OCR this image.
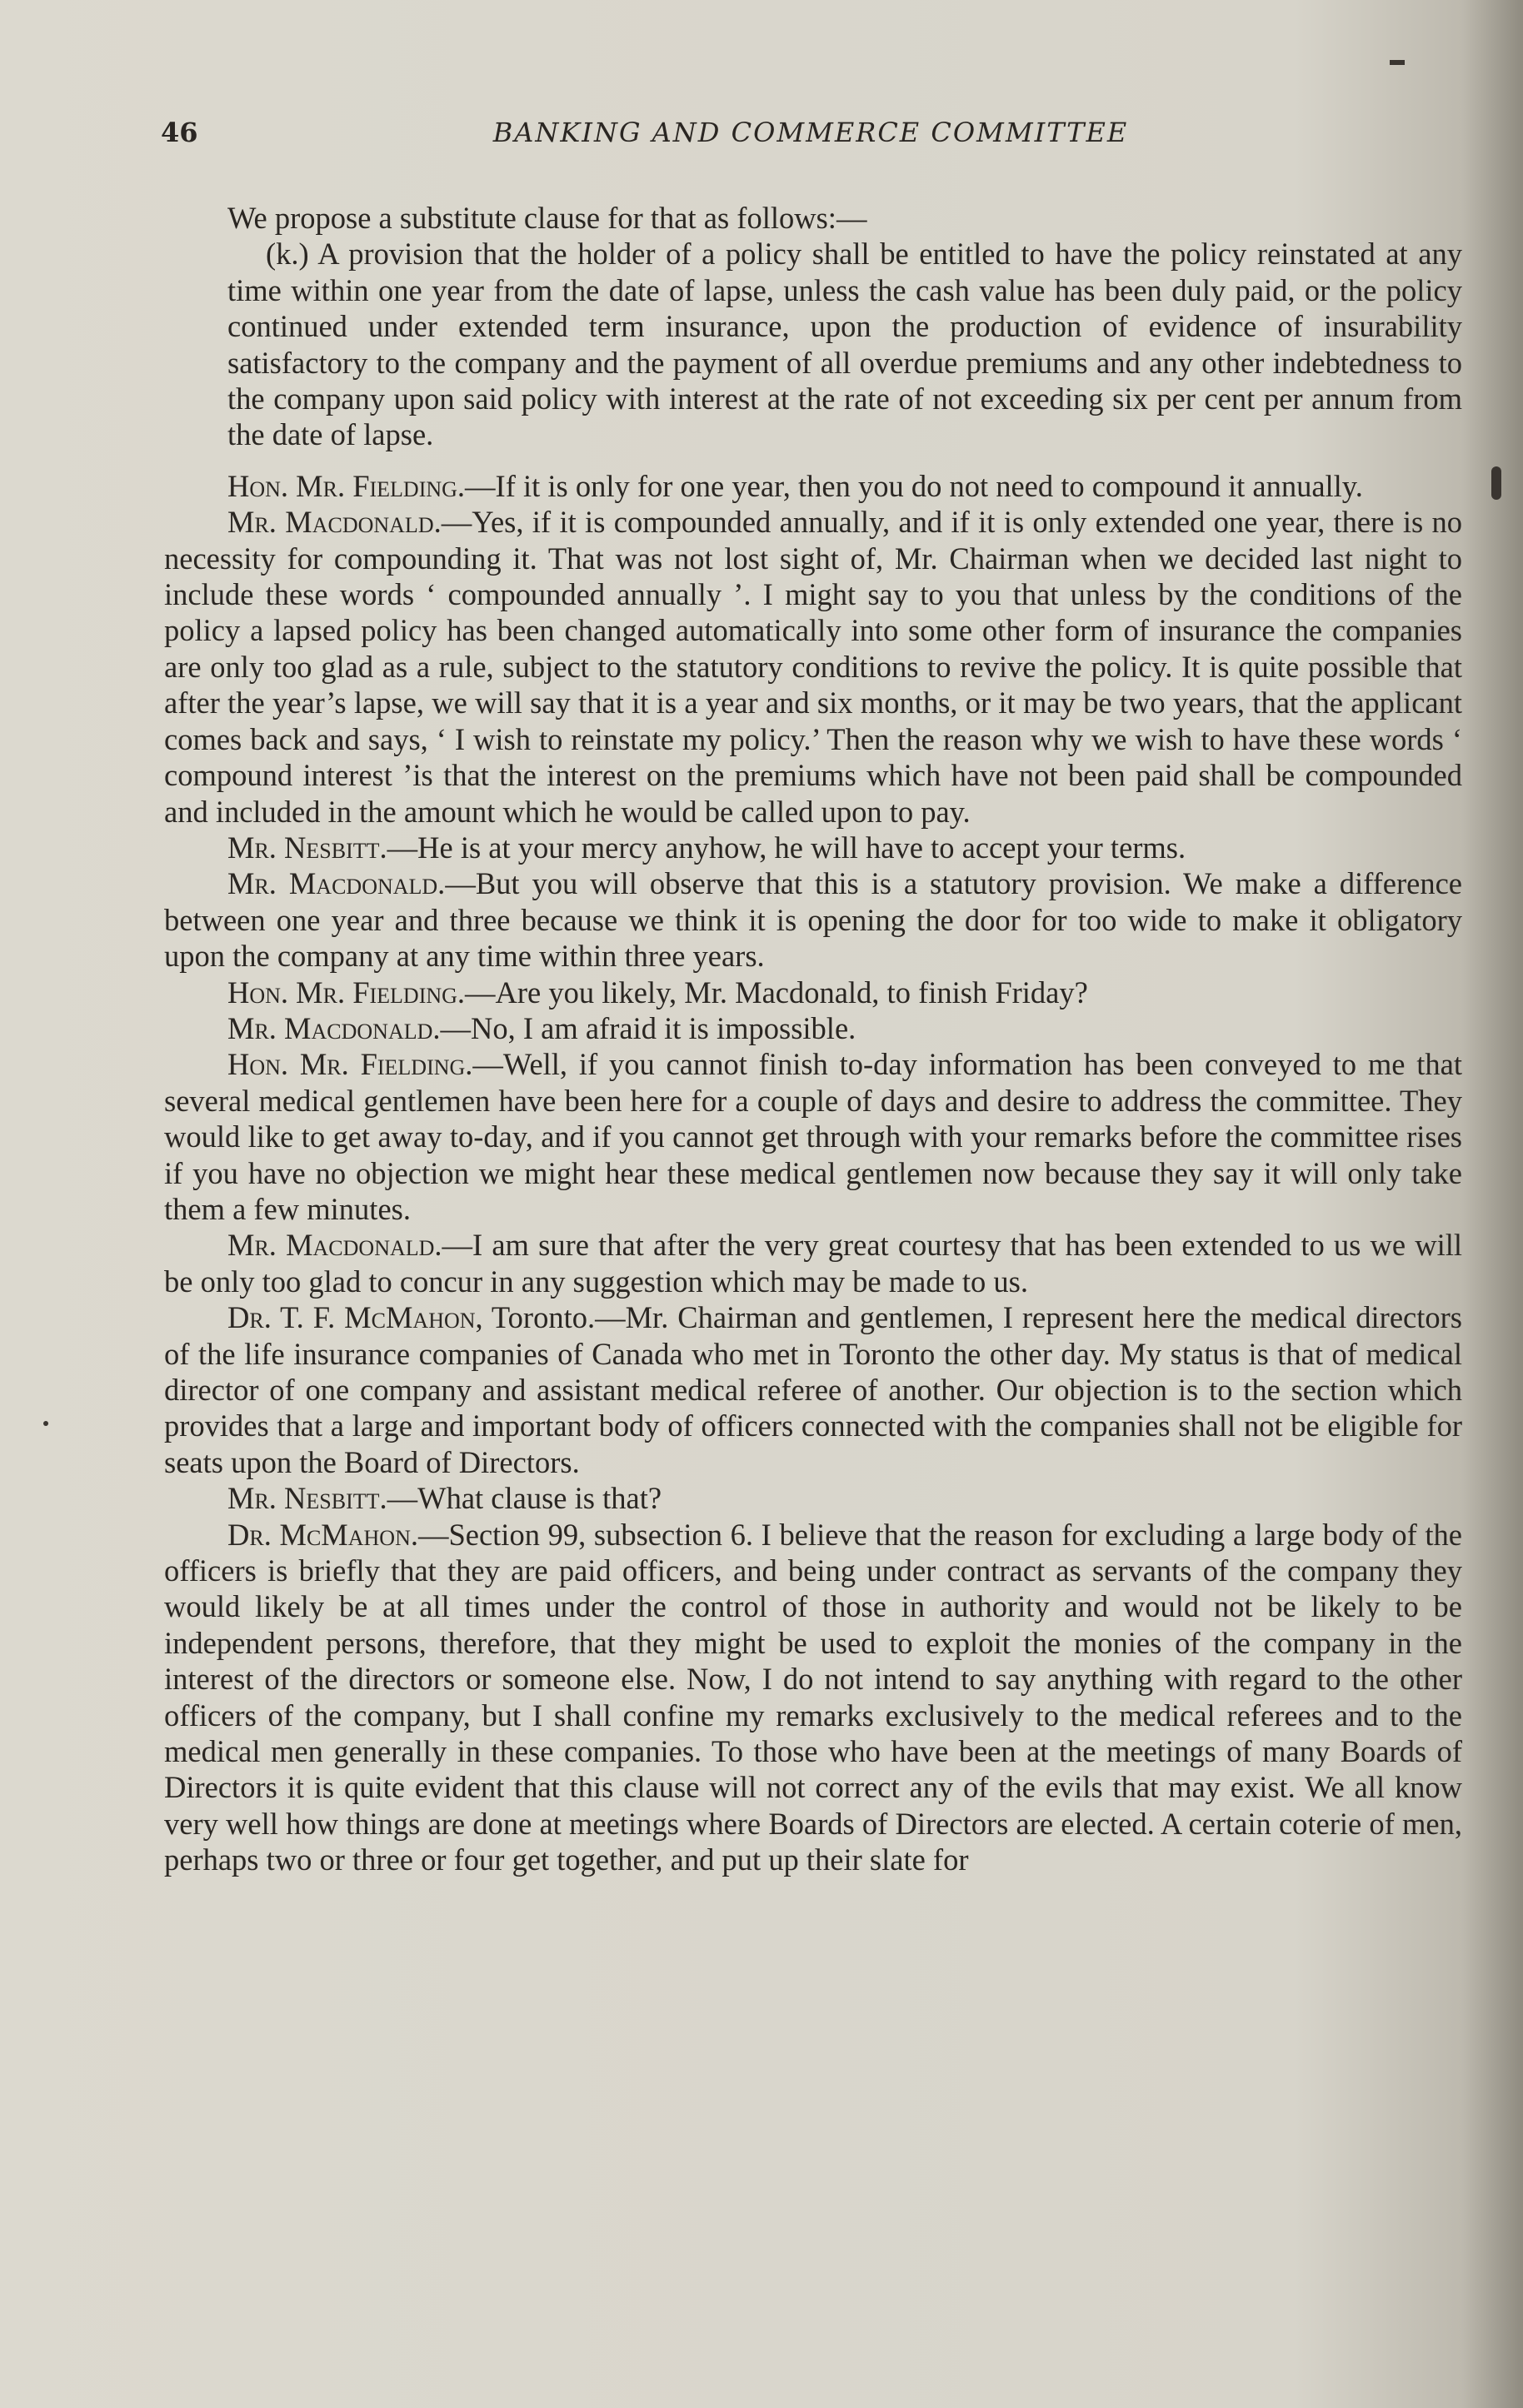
46	BANKING AND COMMERCE COMMITTEE

We propose a substitute clause for that as follows:—

(k.) A provision that the holder of a policy shall be entitled to have the policy reinstated at any time within one year from the date of lapse, unless the cash value has been duly paid, or the policy continued under extended term insurance, upon the production of evidence of insurability satisfactory to the company and the payment of all overdue premiums and any other indebtedness to the company upon said policy with interest at the rate of not exceeding six per cent per annum from the date of lapse.

Hon. Mr. Fielding.—If it is only for one year, then you do not need to compound it annually.

Mr. Macdonald.—Yes, if it is compounded annually, and if it is only extended one year, there is no necessity for compounding it. That was not lost sight of, Mr. Chairman when we decided last night to include these words ‘ compounded annually ’. I might say to you that unless by the conditions of the policy a lapsed policy has been changed automatically into some other form of insurance the companies are only too glad as a rule, subject to the statutory conditions to revive the policy. It is quite possible that after the year’s lapse, we will say that it is a year and six months, or it may be two years, that the applicant comes back and says, ‘ I wish to reinstate my policy.’ Then the reason why we wish to have these words ‘ compound interest ’is that the interest on the premiums which have not been paid shall be compounded and included in the amount which he would be called upon to pay.

Mr. Nesbitt.—He is at your mercy anyhow, he will have to accept your terms.

Mr. Macdonald.—But you will observe that this is a statutory provision. We make a difference between one year and three because we think it is opening the door for too wide to make it obligatory upon the company at any time within three years.

Hon. Mr. Fielding.—Are you likely, Mr. Macdonald, to finish Friday?

Mr. Macdonald.—No, I am afraid it is impossible.

Hon. Mr. Fielding.—Well, if you cannot finish to-day information has been conveyed to me that several medical gentlemen have been here for a couple of days and desire to address the committee. They would like to get away to-day, and if you cannot get through with your remarks before the committee rises if you have no objection we might hear these medical gentlemen now because they say it will only take them a few minutes.

Mr. Macdonald.—I am sure that after the very great courtesy that has been extended to us we will be only too glad to concur in any suggestion which may be made to us.

Dr. T. F. McMahon, Toronto.—Mr. Chairman and gentlemen, I represent here the medical directors of the life insurance companies of Canada who met in Toronto the other day. My status is that of medical director of one company and assistant medical referee of another. Our objection is to the section which provides that a large and important body of officers connected with the companies shall not be eligible for seats upon the Board of Directors.

Mr. Nesbitt.—What clause is that?

Dr. McMahon.—Section 99, subsection 6. I believe that the reason for excluding a large body of the officers is briefly that they are paid officers, and being under contract as servants of the company they would likely be at all times under the control of those in authority and would not be likely to be independent persons, therefore, that they might be used to exploit the monies of the company in the interest of the directors or someone else. Now, I do not intend to say anything with regard to the other officers of the company, but I shall confine my remarks exclusively to the medical referees and to the medical men generally in these companies. To those who have been at the meetings of many Boards of Directors it is quite evident that this clause will not correct any of the evils that may exist. We all know very well how things are done at meetings where Boards of Directors are elected. A certain coterie of men, perhaps two or three or four get together, and put up their slate for
